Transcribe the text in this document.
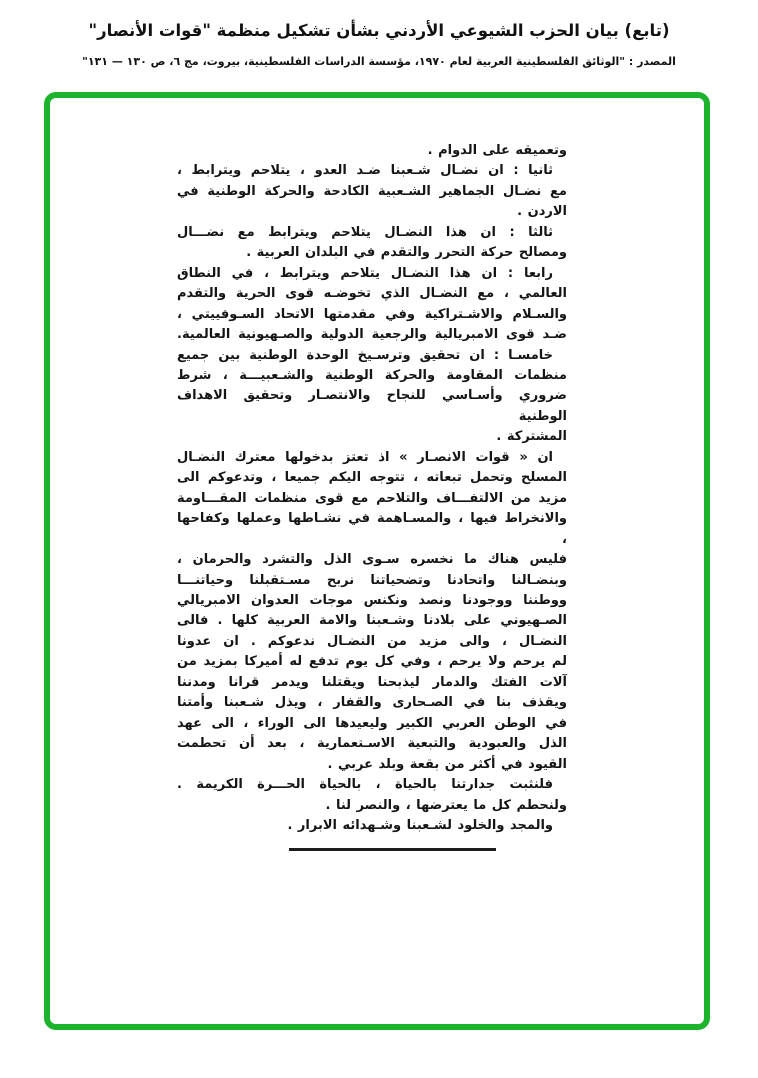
(تابع) بيان الحزب الشيوعي الأردني بشأن تشكيل منظمة "قوات الأنصار"
المصدر : "الوثائق الفلسطينية العربية لعام ١٩٧٠، مؤسسة الدراسات الفلسطينية، بيروت، مج ٦، ص ١٣٠ — ١٣١"
وتعميقه على الدوام .
ثانيا : ان نضـال شـعبنا ضـد العدو ، يتلاحم ويترابط ،
مع نضـال الجماهير الشـعبية الكادحة والحركة الوطنية في
الاردن .
ثالثا : ان هذا النضـال يتلاحم ويترابط مع نضـــال
ومصالح حركة التحرر والتقدم في البلدان العربية .
رابعا : ان هذا النضـال يتلاحم ويترابط ، في النطاق
العالمي ، مع النضـال الذي تخوضـه قوى الحرية والتقدم
والسـلام والاشـتراكية وفي مقدمتها الاتحاد السـوفييتي ،
ضـد قوى الامبريالية والرجعية الدولية والصـهيونية العالمية.
خامسـا : ان تحقيق وترسـيخ الوحدة الوطنية بين جميع
منظمات المقاومة والحركة الوطنية والشـعبيـــة ، شرط
ضروري وأسـاسي للنجاح والانتصـار وتحقيق الاهداف الوطنية
المشتركة .
ان « قوات الانصـار » اذ تعتز بدخولها معترك النضـال
المسلح وتحمل تبعاته ، تتوجه اليكم جميعا ، وتدعوكم الى
مزيد من الالتفـــاف والتلاحم مع قوى منظمات المقـــاومة
والانخراط فيها ، والمسـاهمة في نشـاطها وعملها وكفاحها ،
فليس هناك ما نخسره سـوى الذل والتشرد والحرمان ،
وبنضـالنا واتحادنا وتضحياتنا نربح مسـتقبلنا وحياتنـــا
ووطننا ووجودنا ونصد ونكنس موجات العدوان الامبريالي
الصـهيوني على بلادنا وشـعبنا والامة العربية كلها . فالى
النضـال ، والى مزيد من النضـال ندعوكم . ان عدونا
لم يرحم ولا يرحم ، وفي كل يوم تدفع له أميركا بمزيد من
آلات الفتك والدمار ليذبحنا ويقتلنا ويدمر قرانا ومدننا
ويقذف بنا في الصـحارى والقفار ، ويذل شـعبنا وأمتنا
في الوطن العربي الكبير وليعيدها الى الوراء ، الى عهد
الذل والعبودية والتبعية الاسـتعمارية ، بعد أن تحطمت
القيود في أكثر من بقعة وبلد عربي .
فلنثبت جدارتنا بالحياة ، بالحياة الحـــرة الكريمة .
ولنحطم كل ما يعترضها ، والنصر لنا .
والمجد والخلود لشـعبنا وشـهدائه الابرار .
